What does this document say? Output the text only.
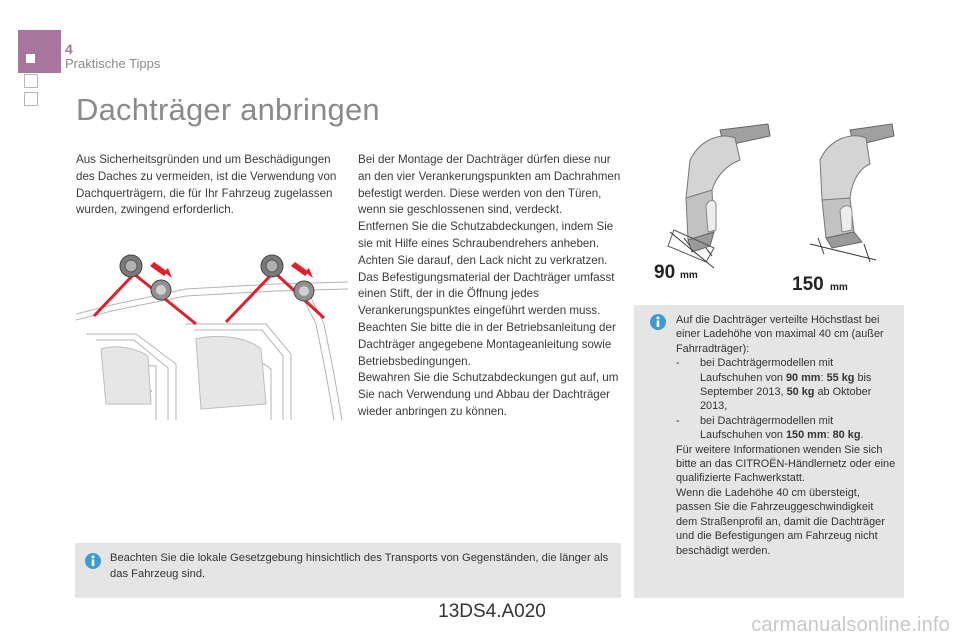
4
Praktische Tipps
Dachträger anbringen
Aus Sicherheitsgründen und um Beschädigungen des Daches zu vermeiden, ist die Verwendung von Dachquerträgern, die für Ihr Fahrzeug zugelassen wurden, zwingend erforderlich.
Bei der Montage der Dachträger dürfen diese nur an den vier Verankerungspunkten am Dachrahmen befestigt werden. Diese werden von den Türen, wenn sie geschlossenen sind, verdeckt.
Entfernen Sie die Schutzabdeckungen, indem Sie sie mit Hilfe eines Schraubendrehers anheben. Achten Sie darauf, den Lack nicht zu verkratzen.
Das Befestigungsmaterial der Dachträger umfasst einen Stift, der in die Öffnung jedes Verankerungspunktes eingeführt werden muss.
Beachten Sie bitte die in der Betriebsanleitung der Dachträger angegebene Montageanleitung sowie Betriebsbedingungen.
Bewahren Sie die Schutzabdeckungen gut auf, um Sie nach Verwendung und Abbau der Dachträger wieder anbringen zu können.
90 mm	150 mm
Auf die Dachträger verteilte Höchstlast bei einer Ladehöhe von maximal 40 cm (außer Fahrradträger):
-	bei Dachträgermodellen mit
Laufschuhen von 90 mm: 55 kg bis September 2013, 50 kg ab Oktober 2013,
-	bei Dachträgermodellen mit
Laufschuhen von 150 mm: 80 kg.
Für weitere Informationen wenden Sie sich bitte an das CITROËN-Händlernetz oder eine qualifizierte Fachwerkstatt.
Wenn die Ladehöhe 40 cm übersteigt, passen Sie die Fahrzeuggeschwindigkeit dem Straßenprofil an, damit die Dachträger und die Befestigungen am Fahrzeug nicht beschädigt werden.
Beachten Sie die lokale Gesetzgebung hinsichtlich des Transports von Gegenständen, die länger als das Fahrzeug sind.
13DS4.A020
carmanualsonline.info
